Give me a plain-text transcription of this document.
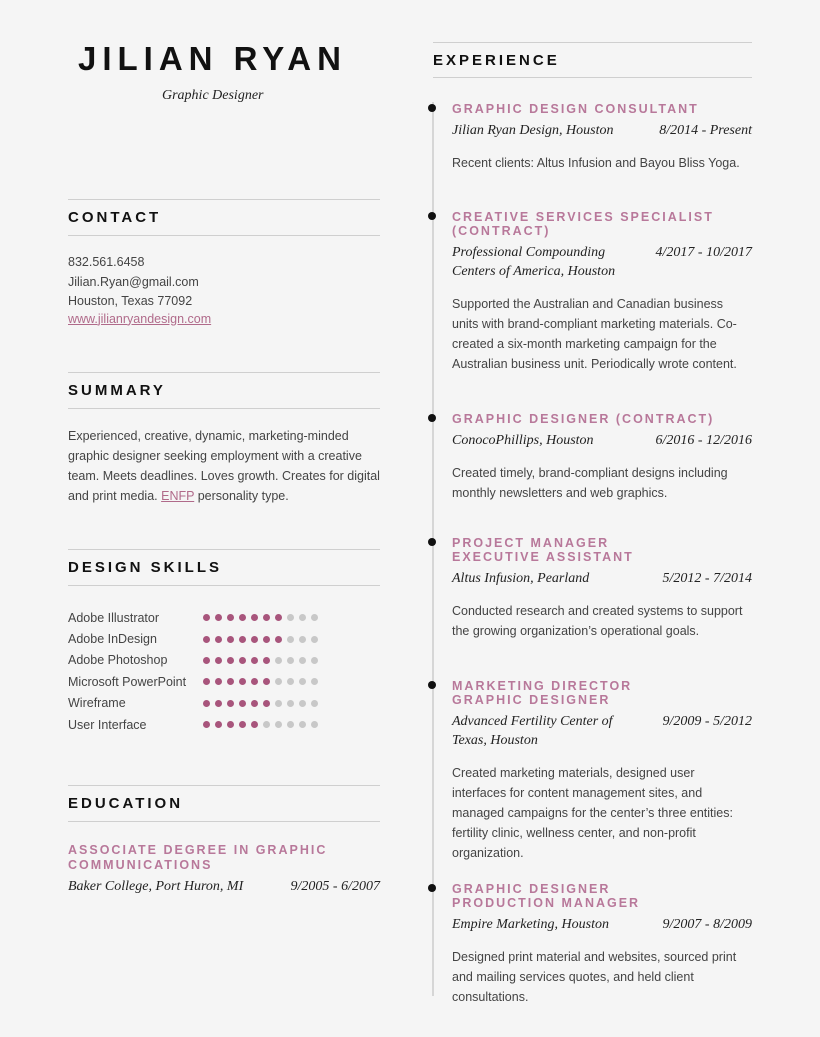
JILIAN RYAN
Graphic Designer
CONTACT
832.561.6458
Jilian.Ryan@gmail.com
Houston, Texas 77092
www.jilianryandesign.com
SUMMARY
Experienced, creative, dynamic, marketing-minded graphic designer seeking employment with a creative team. Meets deadlines. Loves growth. Creates for digital and print media. ENFP personality type.
DESIGN SKILLS
Adobe Illustrator
Adobe InDesign
Adobe Photoshop
Microsoft PowerPoint
Wireframe
User Interface
EDUCATION
ASSOCIATE DEGREE IN GRAPHIC COMMUNICATIONS
Baker College, Port Huron, MI	9/2005 - 6/2007
EXPERIENCE
GRAPHIC DESIGN CONSULTANT
Jilian Ryan Design, Houston	8/2014 - Present
Recent clients: Altus Infusion and Bayou Bliss Yoga.
CREATIVE SERVICES SPECIALIST (CONTRACT)
Professional Compounding Centers of America, Houston
4/2017 - 10/2017
Supported the Australian and Canadian business units with brand-compliant marketing materials. Co-created a six-month marketing campaign for the Australian business unit. Periodically wrote content.
GRAPHIC DESIGNER (CONTRACT)
ConocoPhillips, Houston	6/2016 - 12/2016
Created timely, brand-compliant designs including monthly newsletters and web graphics.
PROJECT MANAGER
EXECUTIVE ASSISTANT
Altus Infusion, Pearland	5/2012 - 7/2014
Conducted research and created systems to support the growing organization’s operational goals.
MARKETING DIRECTOR
GRAPHIC DESIGNER
Advanced Fertility Center of Texas, Houston
9/2009 - 5/2012
Created marketing materials, designed user interfaces for content management sites, and managed campaigns for the center’s three entities: fertility clinic, wellness center, and non-profit organization.
GRAPHIC DESIGNER
PRODUCTION MANAGER
Empire Marketing, Houston	9/2007 - 8/2009
Designed print material and websites, sourced print and mailing services quotes, and held client consultations.
